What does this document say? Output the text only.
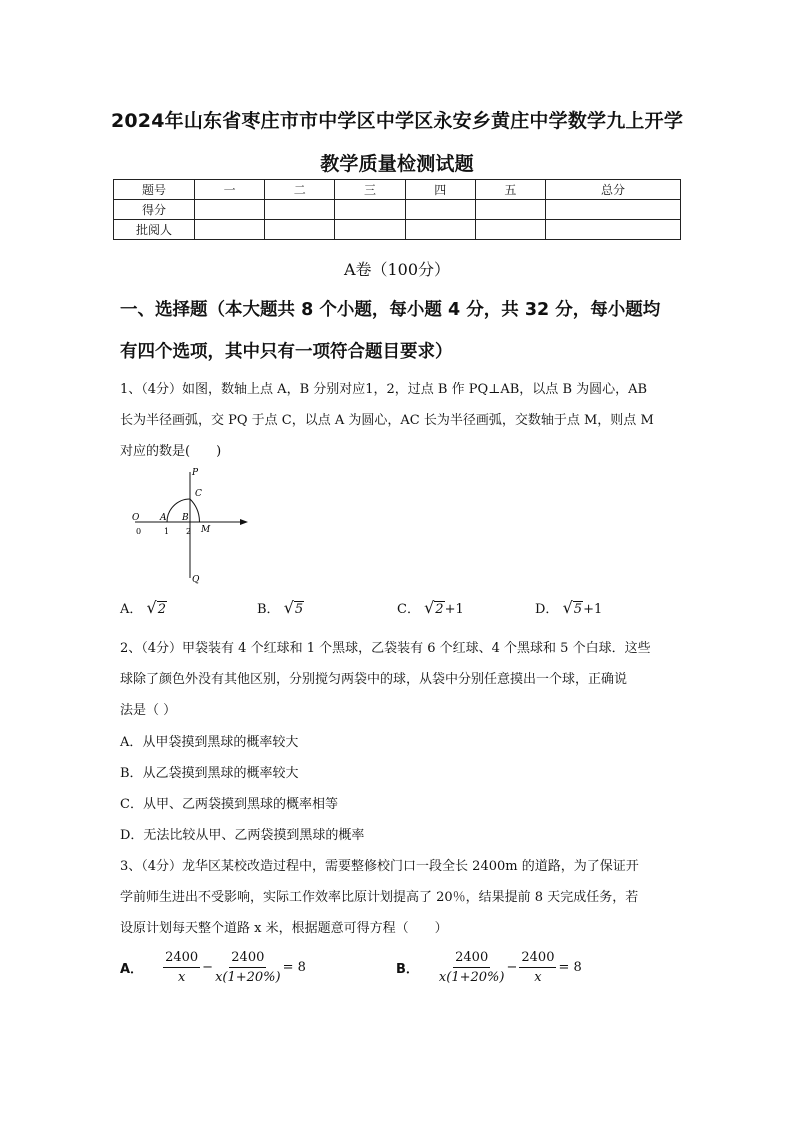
2024年山东省枣庄市市中学区中学区永安乡黄庄中学数学九上开学
教学质量检测试题
题号	一	二	三	四	五	总分
得分						
批阅人						
A卷（100分）
一、选择题（本大题共 8 个小题，每小题 4 分，共 32 分，每小题均
有四个选项，其中只有一项符合题目要求）
1、（4分）如图，数轴上点 A，B 分别对应1，2，过点 B 作 PQ⊥AB，以点 B 为圆心，AB
长为半径画弧，交 PQ 于点 C，以点 A 为圆心，AC 长为半径画弧，交数轴于点 M，则点 M
对应的数是(　　)
P
Q
C
O A B
M
0	1 2
A． √2	B． √5	C． √2+1	D． √5+1
2、（4分）甲袋装有 4 个红球和 1 个黑球，乙袋装有 6 个红球、4 个黑球和 5 个白球．这些
球除了颜色外没有其他区别，分别搅匀两袋中的球，从袋中分别任意摸出一个球，正确说
法是（ ）
A．从甲袋摸到黑球的概率较大
B．从乙袋摸到黑球的概率较大
C．从甲、乙两袋摸到黑球的概率相等
D．无法比较从甲、乙两袋摸到黑球的概率
3、（4分）龙华区某校改造过程中，需要整修校门口一段全长 2400m 的道路，为了保证开
学前师生进出不受影响，实际工作效率比原计划提高了 20％，结果提前 8 天完成任务，若
设原计划每天整个道路 x 米，根据题意可得方程（　　）
A． $\frac{2400}{x} - \frac{2400}{x(1+20\%)} = 8$	B． $\frac{2400}{x(1+20\%)} - \frac{2400}{x} = 8$
